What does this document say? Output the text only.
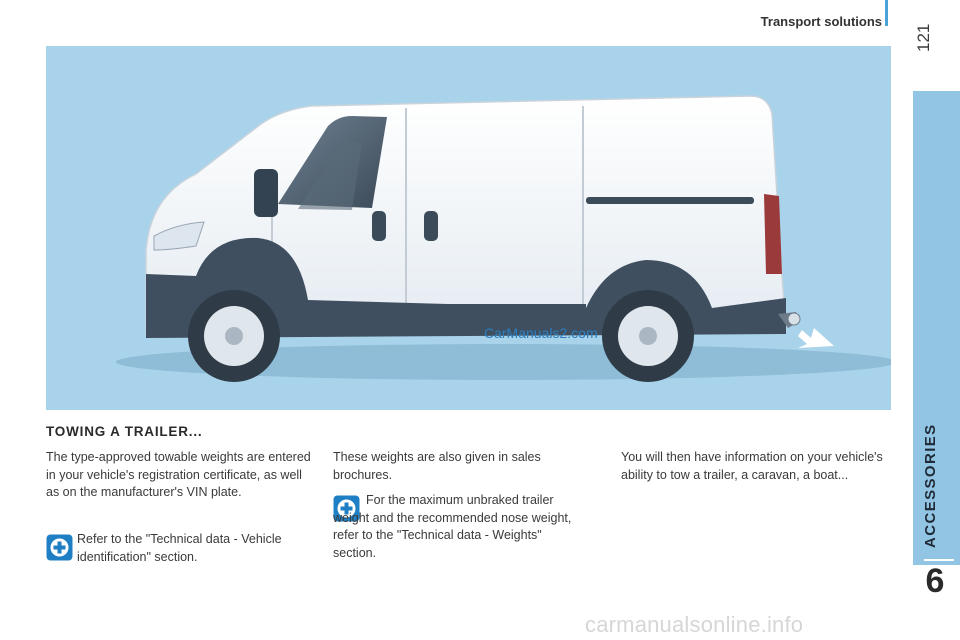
Transport solutions
121
ACCESSORIES
6
CarManuals2.com
TOWING A TRAILER...

The type-approved towable weights are entered in your vehicle's registration certificate, as well as on the manufacturer's VIN plate.

Refer to the "Technical data - Vehicle identification" section.

These weights are also given in sales brochures.

For the maximum unbraked trailer weight and the recommended nose weight, refer to the "Technical data - Weights" section.

You will then have information on your vehicle's ability to tow a trailer, a caravan, a boat...

carmanualsonline.info
